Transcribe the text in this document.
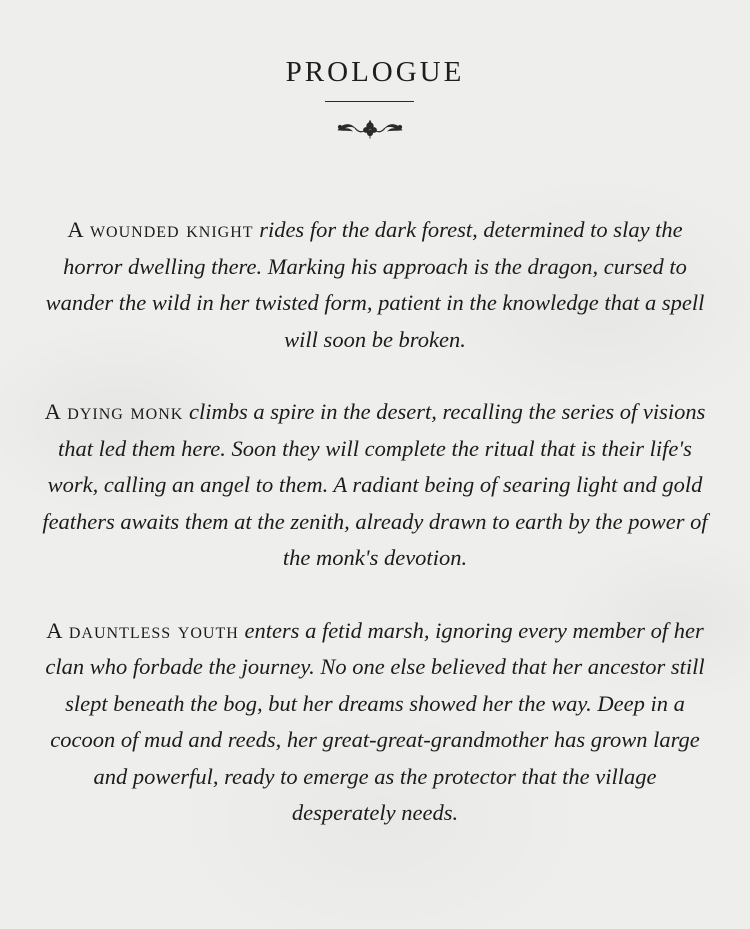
PROLOGUE

A wounded knight rides for the dark forest, determined to slay the horror dwelling there. Marking his approach is the dragon, cursed to wander the wild in her twisted form, patient in the knowledge that a spell will soon be broken.

A dying monk climbs a spire in the desert, recalling the series of visions that led them here. Soon they will complete the ritual that is their life's work, calling an angel to them. A radiant being of searing light and gold feathers awaits them at the zenith, already drawn to earth by the power of the monk's devotion.

A dauntless youth enters a fetid marsh, ignoring every member of her clan who forbade the journey. No one else believed that her ancestor still slept beneath the bog, but her dreams showed her the way. Deep in a cocoon of mud and reeds, her great-great-grandmother has grown large and powerful, ready to emerge as the protector that the village desperately needs.
